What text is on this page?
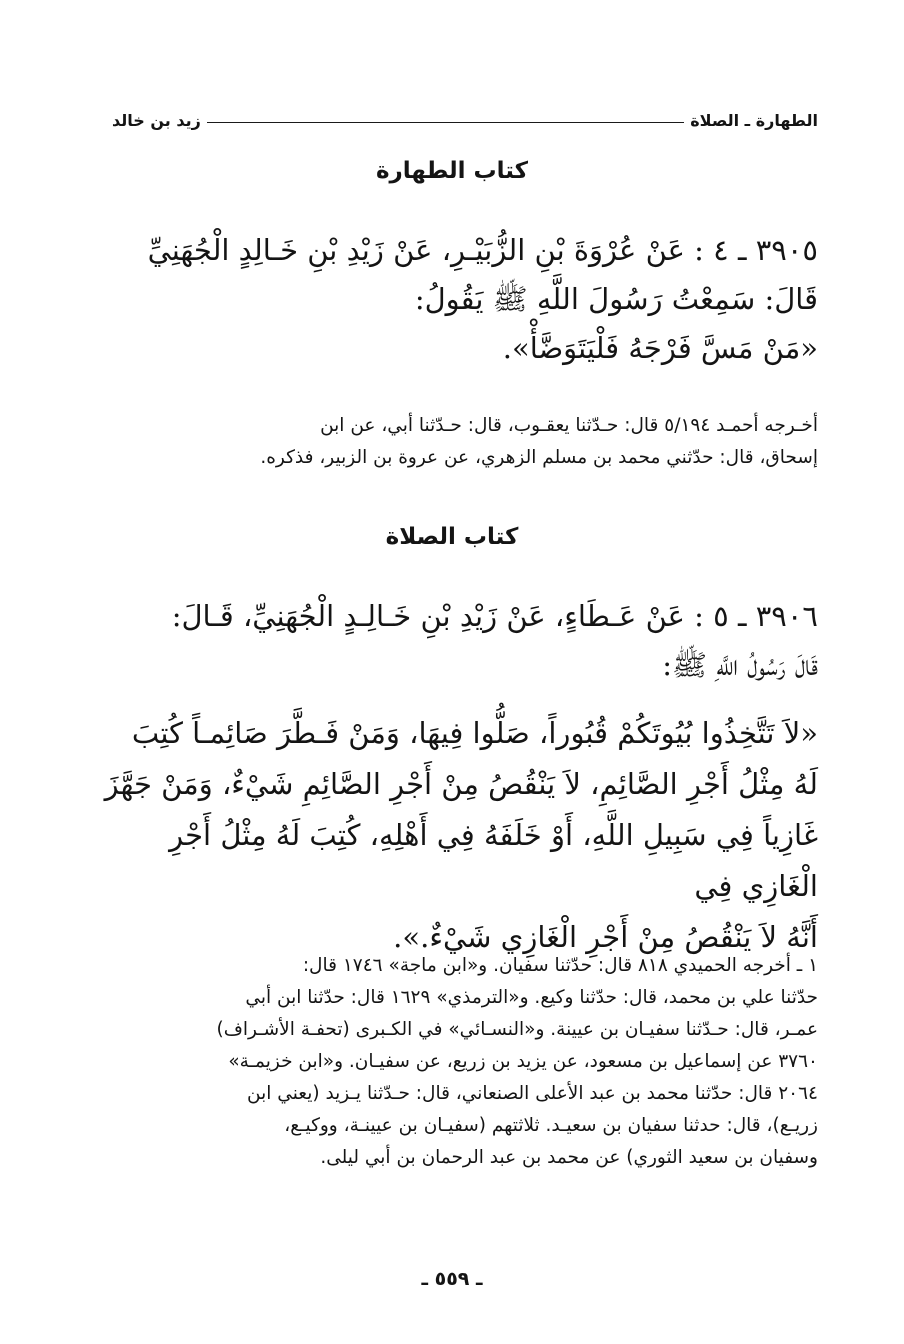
الطهارة ـ الصلاة
زيد بن خالد
كتاب الطهارة

٣٩٠٥ ـ ٤ : عَنْ عُرْوَةَ بْنِ الزُّبَيْـرِ، عَنْ زَيْدِ بْنِ خَـالِدٍ الْجُهَنِيِّ

قَالَ: سَمِعْتُ رَسُولَ اللَّهِ ﷺ يَقُولُ:

«مَنْ مَسَّ فَرْجَهُ فَلْيَتَوَضَّأْ».

أخـرجه أحمـد ٥/١٩٤ قال: حـدّثنا يعقـوب، قال: حـدّثنا أبي، عن ابن

إسحاق، قال: حدّثني محمد بن مسلم الزهري، عن عروة بن الزبير، فذكره.

كتاب الصلاة

٣٩٠٦ ـ ٥ : عَنْ عَـطَاءٍ، عَنْ زَيْدِ بْنِ خَـالِـدٍ الْجُهَنِيِّ، قَـالَ:

قَالَ رَسُولُ اللَّهِ ﷺ:

«لاَ تَتَّخِذُوا بُيُوتَكُمْ قُبُوراً، صَلُّوا فِيهَا، وَمَنْ فَـطَّرَ صَائِمـاً كُتِبَ

لَهُ مِثْلُ أَجْرِ الصَّائِمِ، لاَ يَنْقُصُ مِنْ أَجْرِ الصَّائِمِ شَيْءٌ، وَمَنْ جَهَّزَ

غَازِياً فِي سَبِيلِ اللَّهِ، أَوْ خَلَفَهُ فِي أَهْلِهِ، كُتِبَ لَهُ مِثْلُ أَجْرِ الْغَازِي فِي

أَنَّهُ لاَ يَنْقُصُ مِنْ أَجْرِ الْغَازِي شَيْءٌ.».

١ ـ أخرجه الحميدي ٨١٨ قال: حدّثنا سفيان. و«ابن ماجة» ١٧٤٦ قال:

حدّثنا علي بن محمد، قال: حدّثنا وكيع. و«الترمذي» ١٦٢٩ قال: حدّثنا ابن أبي

عمـر، قال: حـدّثنا سفيـان بن عيينة. و«النسـائي» في الكـبرى (تحفـة الأشـراف)

٣٧٦٠ عن إسماعيل بن مسعود، عن يزيد بن زريع، عن سفيـان. و«ابن خزيمـة»

٢٠٦٤ قال: حدّثنا محمد بن عبد الأعلى الصنعاني، قال: حـدّثنا يـزيد (يعني ابن

زريـع)، قال: حدثنا سفيان بن سعيـد. ثلاثتهم (سفيـان بن عيينـة، ووكيـع،

وسفيان بن سعيد الثوري) عن محمد بن عبد الرحمان بن أبي ليلى.

ـ ٥٥٩ ـ
